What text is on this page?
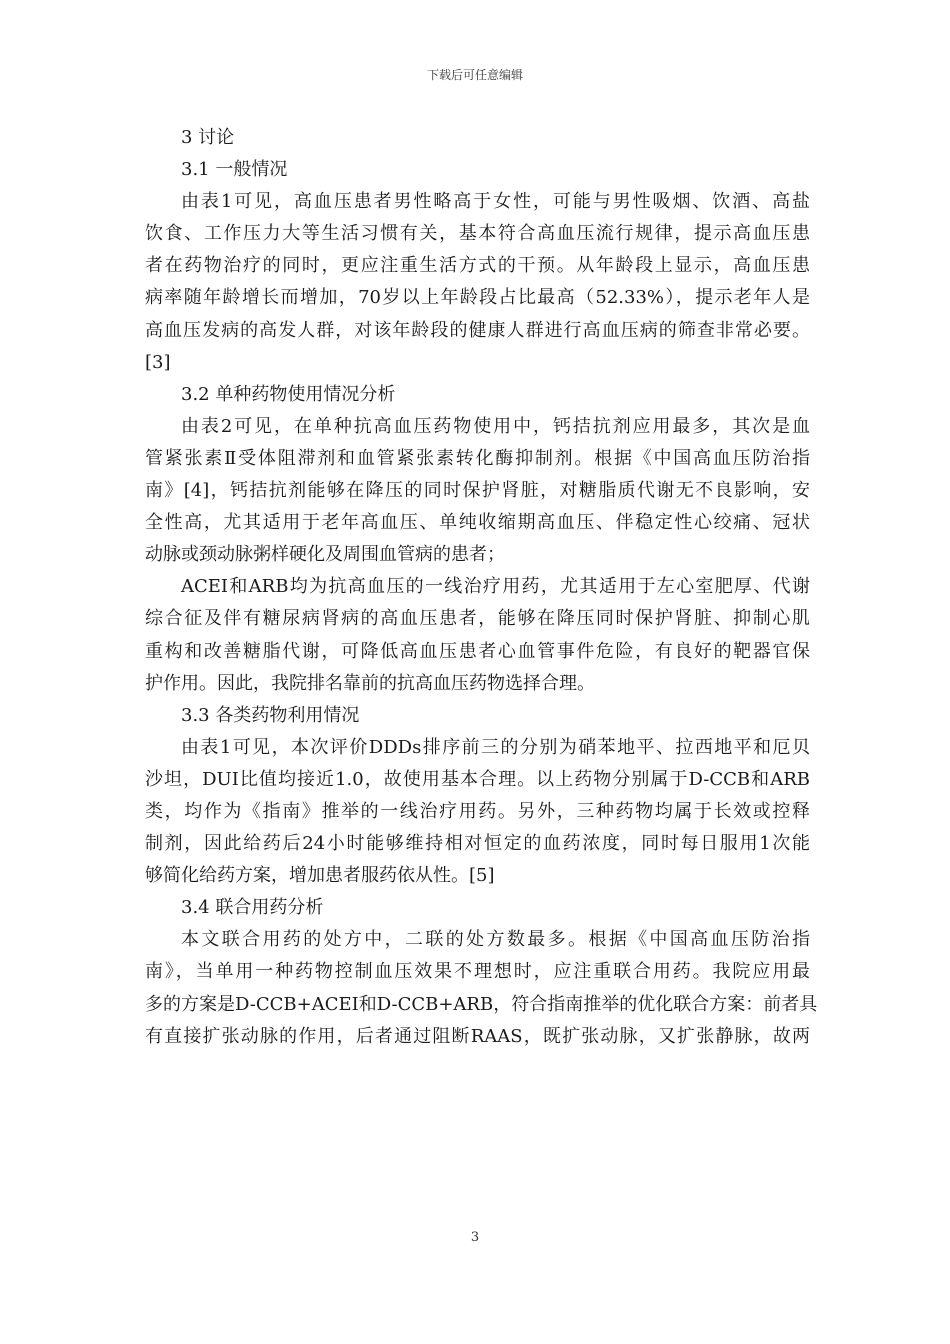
下载后可任意编辑
3 讨论
3.1 一般情况
由表1可见，高血压患者男性略高于女性，可能与男性吸烟、饮酒、高盐
饮食、工作压力大等生活习惯有关，基本符合高血压流行规律，提示高血压患
者在药物治疗的同时，更应注重生活方式的干预。从年龄段上显示，高血压患
病率随年龄增长而增加，70岁以上年龄段占比最高（52.33%），提示老年人是
高血压发病的高发人群，对该年龄段的健康人群进行高血压病的筛查非常必要。
[3]
3.2 单种药物使用情况分析
由表2可见，在单种抗高血压药物使用中，钙拮抗剂应用最多，其次是血
管紧张素Ⅱ受体阻滞剂和血管紧张素转化酶抑制剂。根据《中国高血压防治指
南》[4]，钙拮抗剂能够在降压的同时保护肾脏，对糖脂质代谢无不良影响，安
全性高，尤其适用于老年高血压、单纯收缩期高血压、伴稳定性心绞痛、冠状
动脉或颈动脉粥样硬化及周围血管病的患者；
ACEI和ARB均为抗高血压的一线治疗用药，尤其适用于左心室肥厚、代谢
综合征及伴有糖尿病肾病的高血压患者，能够在降压同时保护肾脏、抑制心肌
重构和改善糖脂代谢，可降低高血压患者心血管事件危险，有良好的靶器官保
护作用。因此，我院排名靠前的抗高血压药物选择合理。
3.3 各类药物利用情况
由表1可见，本次评价DDDs排序前三的分别为硝苯地平、拉西地平和厄贝
沙坦，DUI比值均接近1.0，故使用基本合理。以上药物分别属于D-CCB和ARB
类，均作为《指南》推举的一线治疗用药。另外，三种药物均属于长效或控释
制剂，因此给药后24小时能够维持相对恒定的血药浓度，同时每日服用1次能
够简化给药方案，增加患者服药依从性。[5]
3.4 联合用药分析
本文联合用药的处方中，二联的处方数最多。根据《中国高血压防治指
南》，当单用一种药物控制血压效果不理想时，应注重联合用药。我院应用最
多的方案是D-CCB+ACEI和D-CCB+ARB，符合指南推举的优化联合方案：前者具
有直接扩张动脉的作用，后者通过阻断RAAS，既扩张动脉，又扩张静脉，故两
3
